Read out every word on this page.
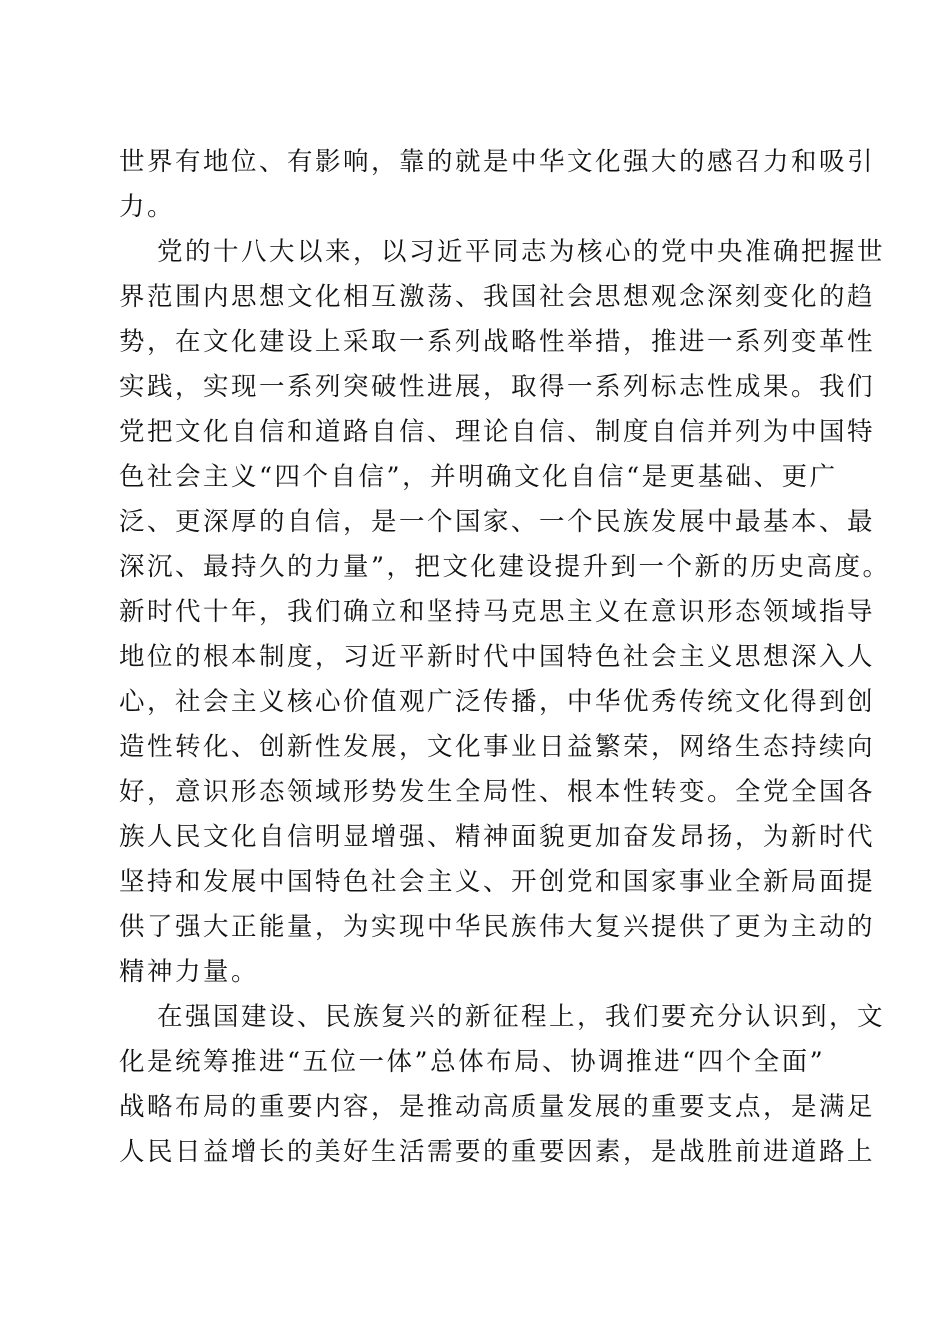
世界有地位、有影响，靠的就是中华文化强大的感召力和吸引
力。
党的十八大以来，以习近平同志为核心的党中央准确把握世
界范围内思想文化相互激荡、我国社会思想观念深刻变化的趋
势，在文化建设上采取一系列战略性举措，推进一系列变革性
实践，实现一系列突破性进展，取得一系列标志性成果。我们
党把文化自信和道路自信、理论自信、制度自信并列为中国特
色社会主义“四个自信”，并明确文化自信“是更基础、更广
泛、更深厚的自信，是一个国家、一个民族发展中最基本、最
深沉、最持久的力量”，把文化建设提升到一个新的历史高度。
新时代十年，我们确立和坚持马克思主义在意识形态领域指导
地位的根本制度，习近平新时代中国特色社会主义思想深入人
心，社会主义核心价值观广泛传播，中华优秀传统文化得到创
造性转化、创新性发展，文化事业日益繁荣，网络生态持续向
好，意识形态领域形势发生全局性、根本性转变。全党全国各
族人民文化自信明显增强、精神面貌更加奋发昂扬，为新时代
坚持和发展中国特色社会主义、开创党和国家事业全新局面提
供了强大正能量，为实现中华民族伟大复兴提供了更为主动的
精神力量。
在强国建设、民族复兴的新征程上，我们要充分认识到，文
化是统筹推进“五位一体”总体布局、协调推进“四个全面”
战略布局的重要内容，是推动高质量发展的重要支点，是满足
人民日益增长的美好生活需要的重要因素，是战胜前进道路上
